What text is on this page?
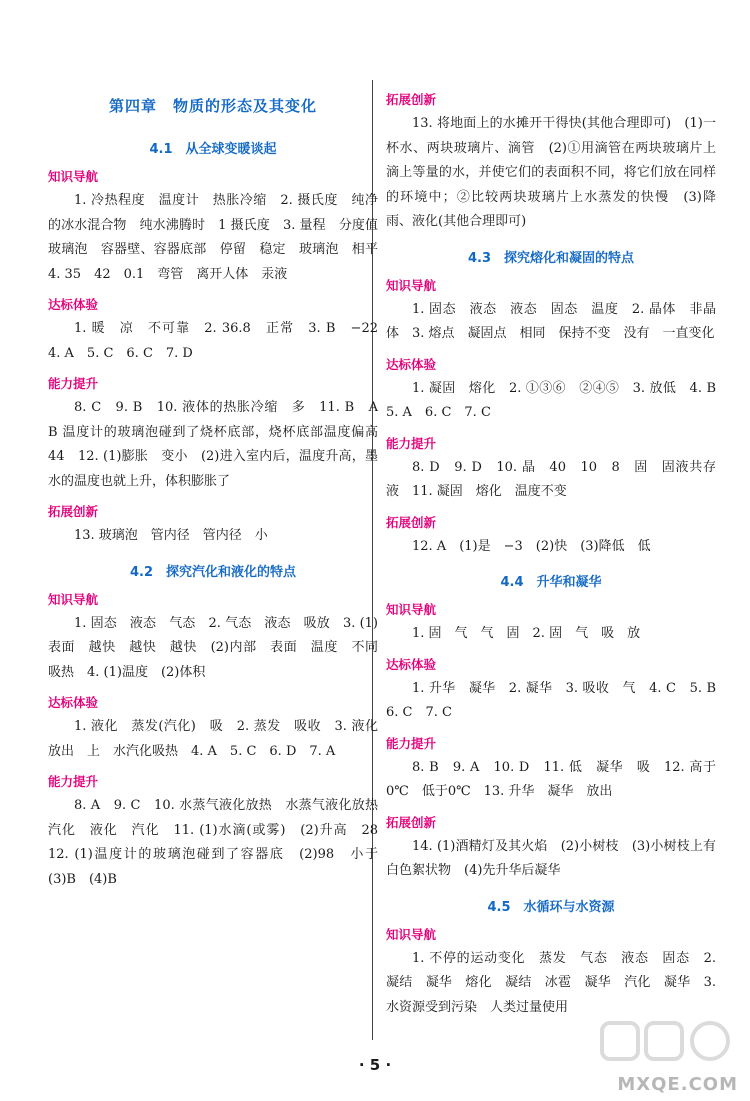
第四章　物质的形态及其变化
4.1　从全球变暖谈起
知识导航

1. 冷热程度　温度计　热胀冷缩　2. 摄氏度　纯净的冰水混合物　纯水沸腾时　1 摄氏度　3. 量程　分度值　玻璃泡　容器壁、容器底部　停留　稳定　玻璃泡　相平　4. 35　42　0.1　弯管　离开人体　汞液

达标体验

1. 暖　凉　不可靠　2. 36.8　正常　3. B　−22　4. A　5. C　6. C　7. D

能力提升

8. C　9. B　10. 液体的热胀冷缩　多　11. B　A　B 温度计的玻璃泡碰到了烧杯底部，烧杯底部温度偏高　44　12. (1)膨胀　变小　(2)进入室内后，温度升高，墨水的温度也就上升，体积膨胀了

拓展创新

13. 玻璃泡　管内径　管内径　小

4.2　探究汽化和液化的特点
知识导航

1. 固态　液态　气态　2. 气态　液态　吸放　3. (1)表面　越快　越快　越快　(2)内部　表面　温度　不同　吸热　4. (1)温度　(2)体积

达标体验

1. 液化　蒸发(汽化)　吸　2. 蒸发　吸收　3. 液化　放出　上　水汽化吸热　4. A　5. C　6. D　7. A

能力提升

8. A　9. C　10. 水蒸气液化放热　水蒸气液化放热　汽化　液化　汽化　11. (1)水滴(或雾)　(2)升高　28　12. (1)温度计的玻璃泡碰到了容器底　(2)98　小于　(3)B　(4)B

拓展创新

13. 将地面上的水摊开干得快(其他合理即可)　(1)一杯水、两块玻璃片、滴管　(2)①用滴管在两块玻璃片上滴上等量的水，并使它们的表面积不同，将它们放在同样的环境中；②比较两块玻璃片上水蒸发的快慢　(3)降雨、液化(其他合理即可)

4.3　探究熔化和凝固的特点
知识导航

1. 固态　液态　液态　固态　温度　2. 晶体　非晶体　3. 熔点　凝固点　相同　保持不变　没有　一直变化

达标体验

1. 凝固　熔化　2. ①③⑥　②④⑤　3. 放低　4. B　5. A　6. C　7. C

能力提升

8. D　9. D　10. 晶　40　10　8　固　固液共存　液　11. 凝固　熔化　温度不变

拓展创新

12. A　(1)是　−3　(2)快　(3)降低　低

4.4　升华和凝华
知识导航

1. 固　气　气　固　2. 固　气　吸　放

达标体验

1. 升华　凝华　2. 凝华　3. 吸收　气　4. C　5. B　6. C　7. C

能力提升

8. B　9. A　10. D　11. 低　凝华　吸　12. 高于0℃　低于0℃　13. 升华　凝华　放出

拓展创新

14. (1)酒精灯及其火焰　(2)小树枝　(3)小树枝上有白色絮状物　(4)先升华后凝华

4.5　水循环与水资源
知识导航

1. 不停的运动变化　蒸发　气态　液态　固态　2. 凝结　凝华　熔化　凝结　冰雹　凝华　汽化　凝华　3. 水资源受到污染　人类过量使用

· 5 ·
MXQE.COM
